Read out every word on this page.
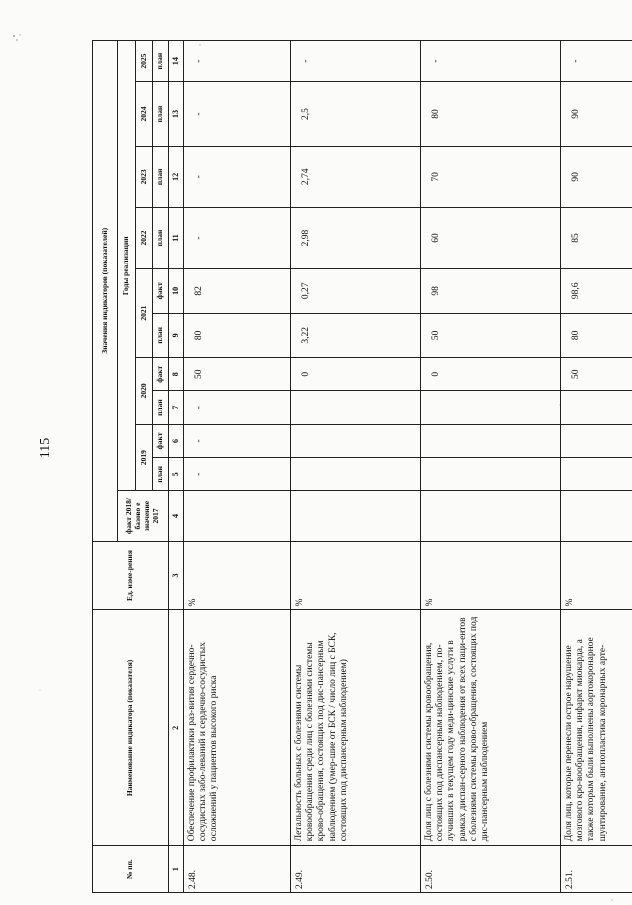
115
№ пп.	Наименование индикатора (показателя)	Ед. изме-рения	Значения индикаторов (показателей)										
			факт 2018/базово е значение 2017	Годы реализации									
				2019		2020		2021		2022	2023	2024	2025
				план	факт	план	факт	план	факт	план	план	план	план
1	2	3	4	5	6	7	8	9	10	11	12	13	14
2.48.	Обеспечение профилактики раз-вития сердечно-сосудистых забо-леваний и сердечно-сосудистых осложнений у пациентов высокого риска	%		-	-	-	50	80	82	-	-	-	-
2.49.	Летальность больных с болезнями системы кровообращения среди лиц с болезнями системы крово-обращения, состоящих под дис-пансерным наблюдением (умер-шие от БСК / число лиц с БСК, состоящих под диспансерным наблюдением)	%					0	3,22	0,27	2,98	2,74	2,5	-
2.50.	Доля лиц с болезнями системы кровообращения, состоящих под диспансерным наблюдением, по-лучивших в текущем году меди-цинские услуги в рамках диспан-серного наблюдения от всех паци-ентов с болезнями системы крово-обращения, состоящих под дис-пансерным наблюдением	%					0	50	98	60	70	80	-
2.51.	Доля лиц, которые перенесли острое нарушение мозгового кро-вообращения, инфаркт миокарда, а также которым были выполнены аортокоронарное шунтирование, ангиопластика коронарных арте-	%					50	80	98,6	85	90	90	-
